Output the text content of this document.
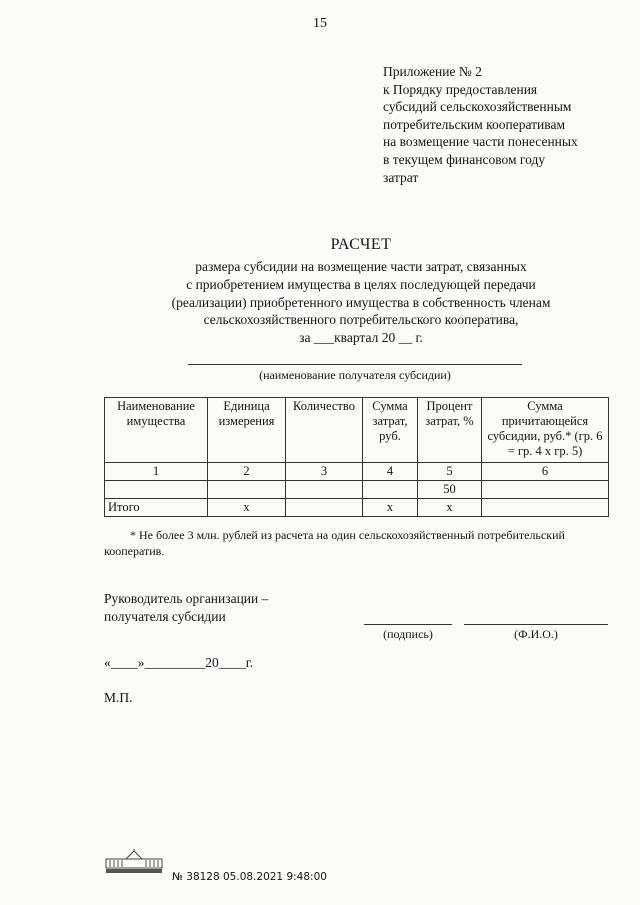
15
Приложение № 2
к Порядку предоставления
субсидий сельскохозяйственным
потребительским кооперативам
на возмещение части понесенных
в текущем финансовом году
затрат
РАСЧЕТ
размера субсидии на возмещение части затрат, связанных
с приобретением имущества в целях последующей передачи
(реализации) приобретенного имущества в собственность членам
сельскохозяйственного потребительского кооператива,
за ___квартал 20 __ г.
(наименование получателя субсидии)
Наименование имущества	Единица измерения	Количество	Сумма затрат, руб.	Процент затрат, %	Сумма причитающейся субсидии, руб.* (гр. 6 = гр. 4 х гр. 5)
1	2	3	4	5	6
				50	
Итого	х		х	х	
* Не более 3 млн. рублей из расчета на один сельскохозяйственный потребительский кооператив.
Руководитель организации –
получателя субсидии
(подпись)	(Ф.И.О.)
«____»_________20____г.
М.П.
№ 38128 05.08.2021 9:48:00
